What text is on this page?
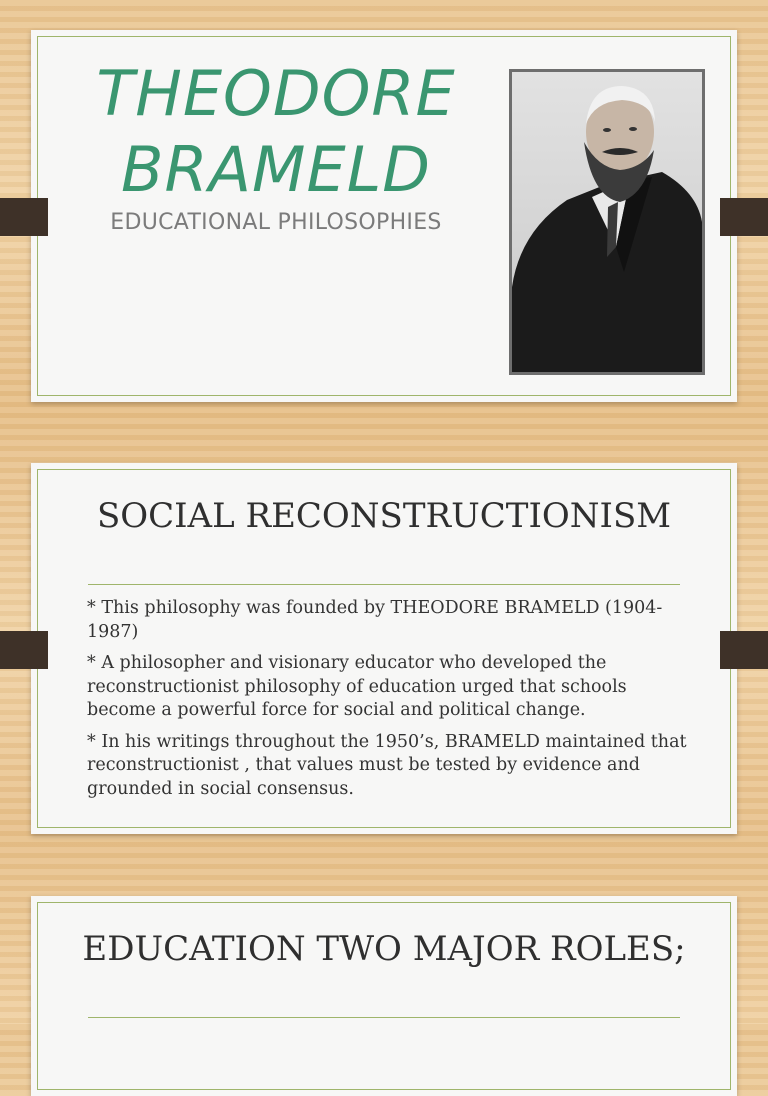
THEODORE BRAMELD
EDUCATIONAL PHILOSOPHIES
SOCIAL RECONSTRUCTIONISM

* This philosophy was founded by THEODORE BRAMELD (1904-1987)

* A philosopher and visionary educator who developed the reconstructionist philosophy of education urged that schools become a powerful force for social and political change.

* In his writings throughout the 1950’s, BRAMELD maintained that reconstructionist , that values must be tested by evidence and grounded in social consensus.

EDUCATION TWO MAJOR ROLES;
